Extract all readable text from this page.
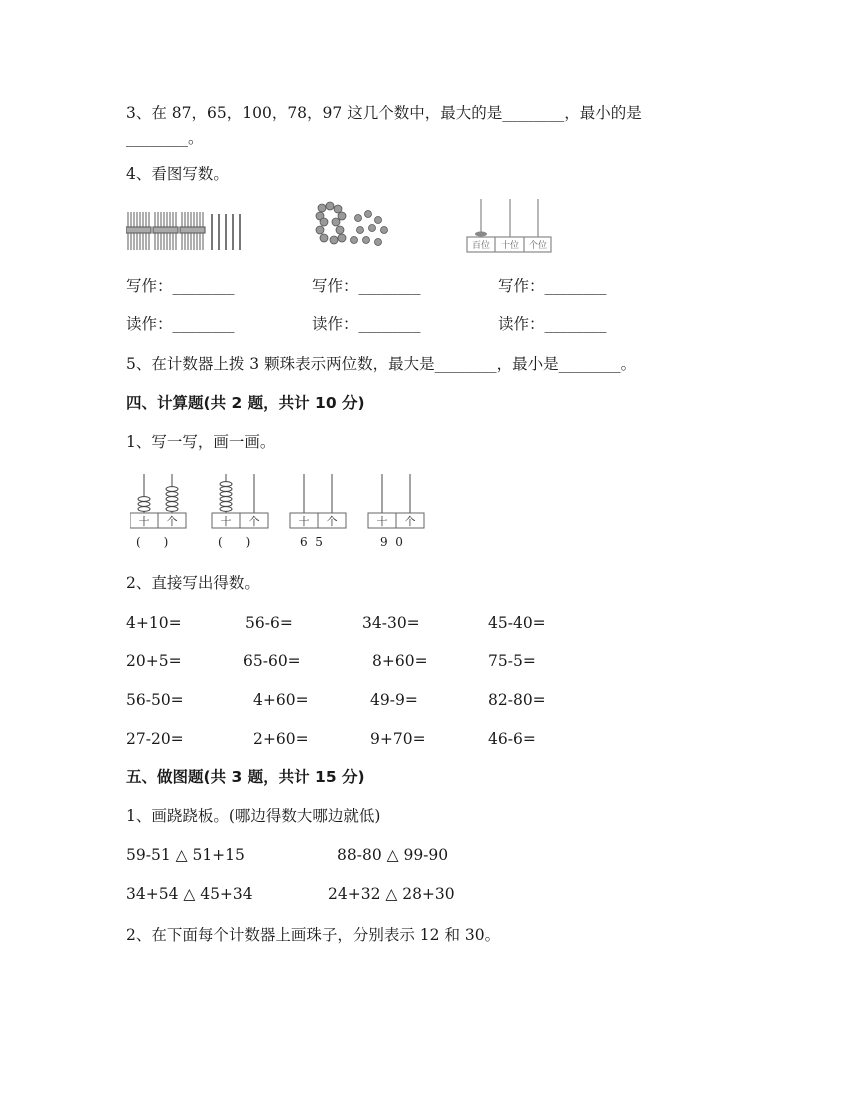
3、在 87，65，100，78，97 这几个数中，最大的是________，最小的是
________。
4、看图写数。
百位 十位 个位
写作：________	写作：________	写作：________
读作：________	读作：________	读作：________
5、在计数器上拨 3 颗珠表示两位数，最大是________，最小是________。
四、计算题(共 2 题，共计 10 分)
1、写一写，画一画。
十 个	十 个	十 个	十 个
(      )	(      )	6  5	9  0
2、直接写出得数。
4+10=	56-6=	34-30=	45-40=
20+5=	65-60=	8+60=	75-5=
56-50=	4+60=	49-9=	82-80=
27-20=	2+60=	9+70=	46-6=
五、做图题(共 3 题，共计 15 分)
1、画跷跷板。(哪边得数大哪边就低)
59-51 △ 51+15	88-80 △ 99-90
34+54 △ 45+34	24+32 △ 28+30
2、在下面每个计数器上画珠子，分别表示 12 和 30。
